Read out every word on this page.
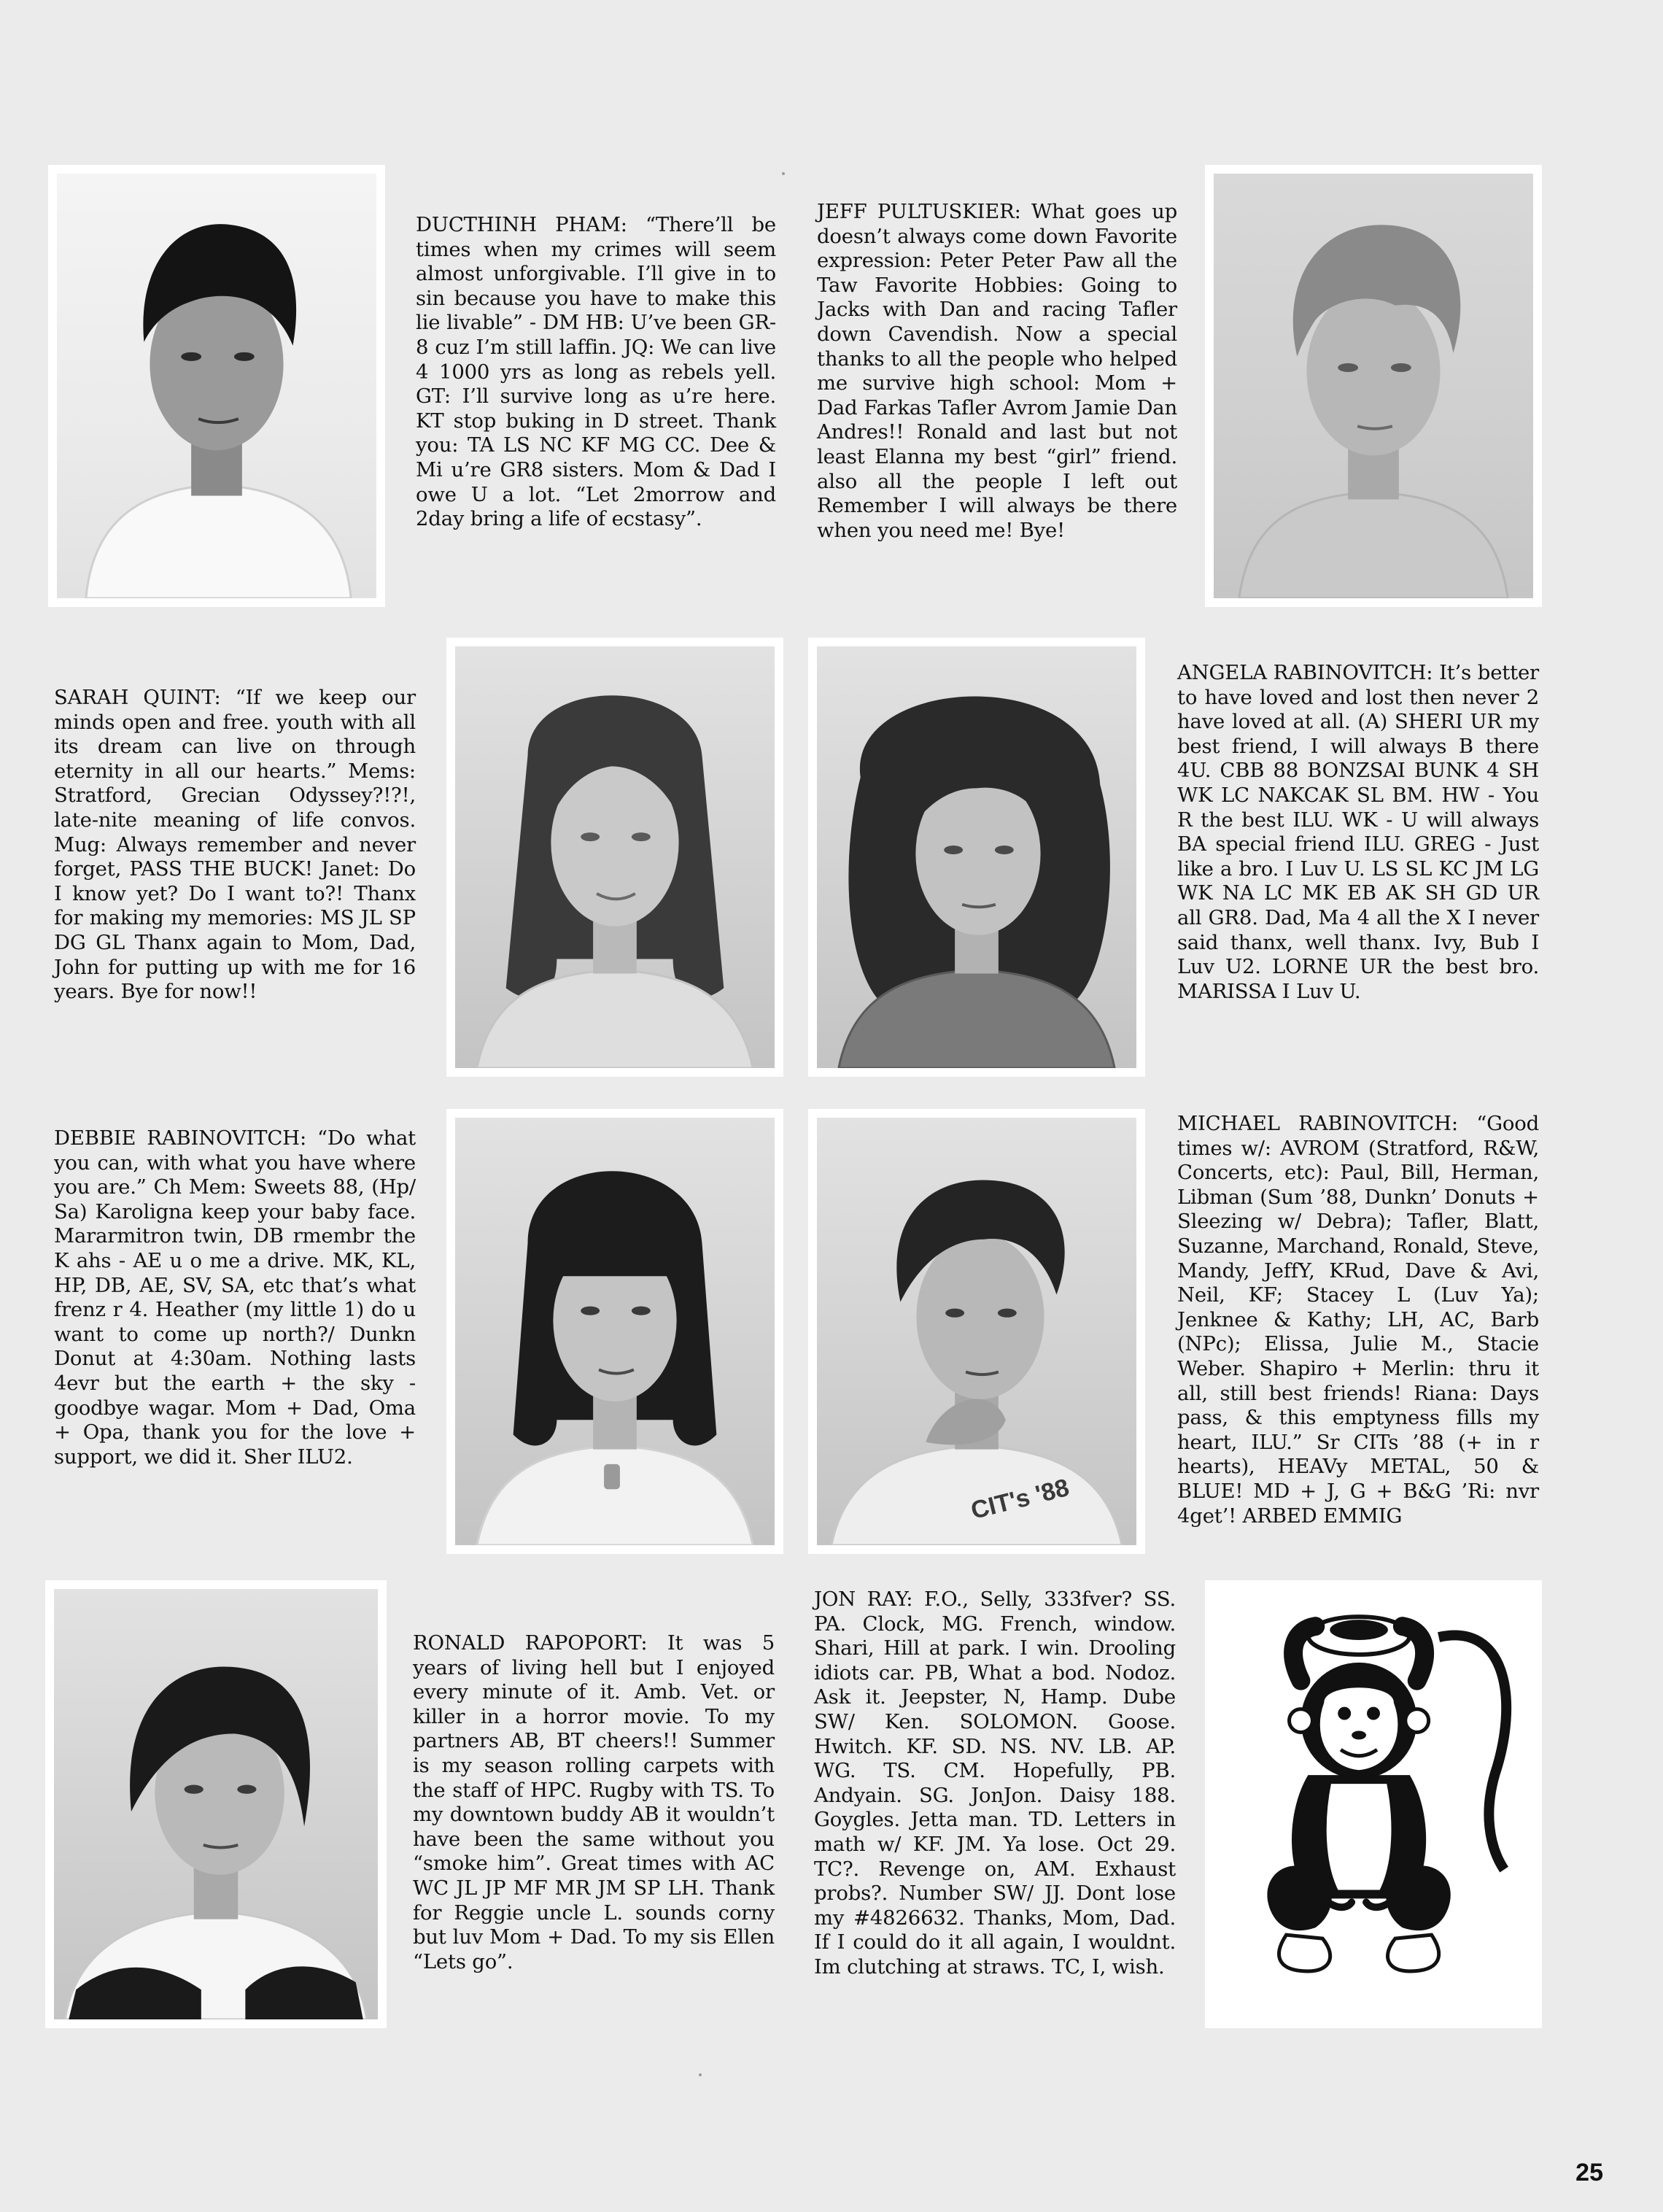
DUCTHINH PHAM: “There’ll be times when my crimes will seem almost unforgivable. I’ll give in to sin because you have to make this lie livable” - DM HB: U’ve been GR-8 cuz I’m still laffin. JQ: We can live 4 1000 yrs as long as rebels yell. GT: I’ll survive long as u’re here. KT stop buking in D street. Thank you: TA LS NC KF MG CC. Dee & Mi u’re GR8 sisters. Mom & Dad I owe U a lot. “Let 2morrow and 2day bring a life of ecstasy”.

JEFF PULTUSKIER: What goes up doesn’t always come down Favorite expression: Peter Peter Paw all the Taw Favorite Hobbies: Going to Jacks with Dan and racing Tafler down Cavendish. Now a special thanks to all the people who helped me survive high school: Mom + Dad Farkas Tafler Avrom Jamie Dan Andres!! Ronald and last but not least Elanna my best “girl” friend. also all the people I left out Remember I will always be there when you need me! Bye!

SARAH QUINT: “If we keep our minds open and free. youth with all its dream can live on through eternity in all our hearts.” Mems: Stratford, Grecian Odyssey?!?!, late-nite meaning of life convos. Mug: Always remember and never forget, PASS THE BUCK! Janet: Do I know yet? Do I want to?! Thanx for making my memories: MS JL SP DG GL Thanx again to Mom, Dad, John for putting up with me for 16 years. Bye for now!!

ANGELA RABINOVITCH: It’s better to have loved and lost then never 2 have loved at all. (A) SHERI UR my best friend, I will always B there 4U. CBB 88 BONZSAI BUNK 4 SH WK LC NAKCAK SL BM. HW - You R the best ILU. WK - U will always BA special friend ILU. GREG - Just like a bro. I Luv U. LS SL KC JM LG WK NA LC MK EB AK SH GD UR all GR8. Dad, Ma 4 all the X I never said thanx, well thanx. Ivy, Bub I Luv U2. LORNE UR the best bro. MARISSA I Luv U.

DEBBIE RABINOVITCH: “Do what you can, with what you have where you are.” Ch Mem: Sweets 88, (Hp/ Sa) Karoligna keep your baby face. Mararmitron twin, DB rmembr the K ahs - AE u o me a drive. MK, KL, HP, DB, AE, SV, SA, etc that’s what frenz r 4. Heather (my little 1) do u want to come up north?/ Dunkn Donut at 4:30am. Nothing lasts 4evr but the earth + the sky - goodbye wagar. Mom + Dad, Oma + Opa, thank you for the love + support, we did it. Sher ILU2.

CIT's '88

MICHAEL RABINOVITCH: “Good times w/: AVROM (Stratford, R&W, Concerts, etc): Paul, Bill, Herman, Libman (Sum ’88, Dunkn’ Donuts + Sleezing w/ Debra); Tafler, Blatt, Suzanne, Marchand, Ronald, Steve, Mandy, JeffY, KRud, Dave & Avi, Neil, KF; Stacey L (Luv Ya); Jenknee & Kathy; LH, AC, Barb (NPc); Elissa, Julie M., Stacie Weber. Shapiro + Merlin: thru it all, still best friends! Riana: Days pass, & this emptyness fills my heart, ILU.” Sr CITs ’88 (+ in r hearts), HEAVy METAL, 50 & BLUE! MD + J, G + B&G ’Ri: nvr 4get’! ARBED EMMIG

RONALD RAPOPORT: It was 5 years of living hell but I enjoyed every minute of it. Amb. Vet. or killer in a horror movie. To my partners AB, BT cheers!! Summer is my season rolling carpets with the staff of HPC. Rugby with TS. To my downtown buddy AB it wouldn’t have been the same without you “smoke him”. Great times with AC WC JL JP MF MR JM SP LH. Thank for Reggie uncle L. sounds corny but luv Mom + Dad. To my sis Ellen “Lets go”.

JON RAY: F.O., Selly, 333fver? SS. PA. Clock, MG. French, window. Shari, Hill at park. I win. Drooling idiots car. PB, What a bod. Nodoz. Ask it. Jeepster, N, Hamp. Dube SW/ Ken. SOLOMON. Goose. Hwitch. KF. SD. NS. NV. LB. AP. WG. TS. CM. Hopefully, PB. Andyain. SG. JonJon. Daisy 188. Goygles. Jetta man. TD. Letters in math w/ KF. JM. Ya lose. Oct 29. TC?. Revenge on, AM. Exhaust probs?. Number SW/ JJ. Dont lose my #4826632. Thanks, Mom, Dad. If I could do it all again, I wouldnt. Im clutching at straws. TC, I, wish.

25
